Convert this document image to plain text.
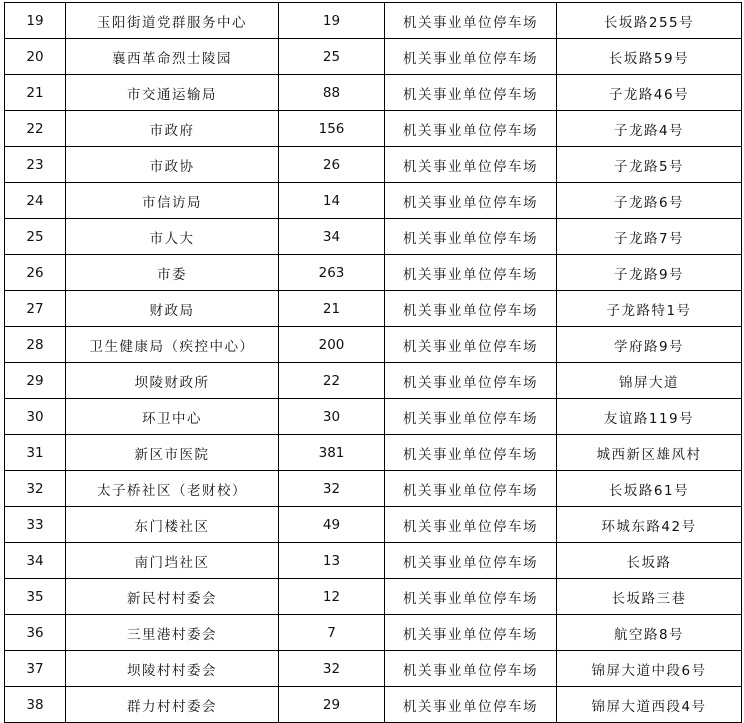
19	玉阳街道党群服务中心	19	机关事业单位停车场	长坂路255号
20	襄西革命烈士陵园	25	机关事业单位停车场	长坂路59号
21	市交通运输局	88	机关事业单位停车场	子龙路46号
22	市政府	156	机关事业单位停车场	子龙路4号
23	市政协	26	机关事业单位停车场	子龙路5号
24	市信访局	14	机关事业单位停车场	子龙路6号
25	市人大	34	机关事业单位停车场	子龙路7号
26	市委	263	机关事业单位停车场	子龙路9号
27	财政局	21	机关事业单位停车场	子龙路特1号
28	卫生健康局（疾控中心）	200	机关事业单位停车场	学府路9号
29	坝陵财政所	22	机关事业单位停车场	锦屏大道
30	环卫中心	30	机关事业单位停车场	友谊路119号
31	新区市医院	381	机关事业单位停车场	城西新区雄风村
32	太子桥社区（老财校）	32	机关事业单位停车场	长坂路61号
33	东门楼社区	49	机关事业单位停车场	环城东路42号
34	南门垱社区	13	机关事业单位停车场	长坂路
35	新民村村委会	12	机关事业单位停车场	长坂路三巷
36	三里港村委会	7	机关事业单位停车场	航空路8号
37	坝陵村村委会	32	机关事业单位停车场	锦屏大道中段6号
38	群力村村委会	29	机关事业单位停车场	锦屏大道西段4号
